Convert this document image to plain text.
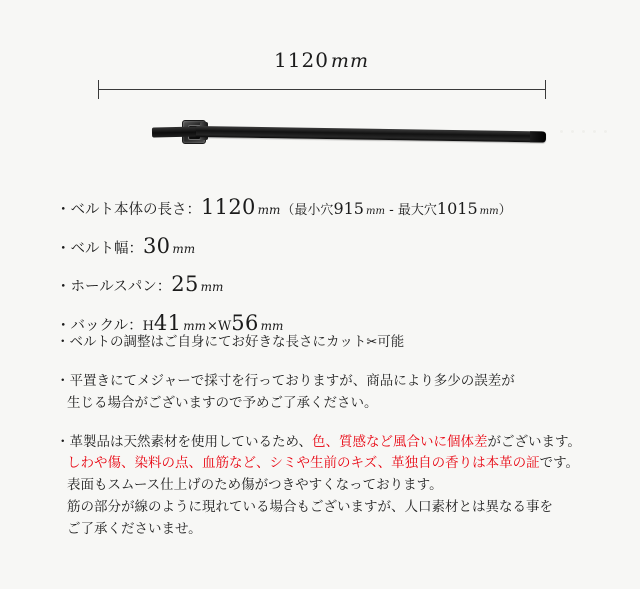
1120 mm
・ベルト本体の長さ：1120 mm（最小穴915 mm - 最大穴1015 mm）
・ベルト幅：30 mm
・ホールスパン：25 mm
・バックル：H41 mm×W56 mm
・ベルトの調整はご自身にてお好きな長さにカット✂可能
・平置きにてメジャーで採寸を行っておりますが、商品により多少の誤差が
生じる場合がございますので予めご了承ください。
・革製品は天然素材を使用しているため、色、質感など風合いに個体差がございます。
しわや傷、染料の点、血筋など、シミや生前のキズ、革独自の香りは本革の証です。
表面もスムース仕上げのため傷がつきやすくなっております。
筋の部分が線のように現れている場合もございますが、人口素材とは異なる事を
ご了承くださいませ。
